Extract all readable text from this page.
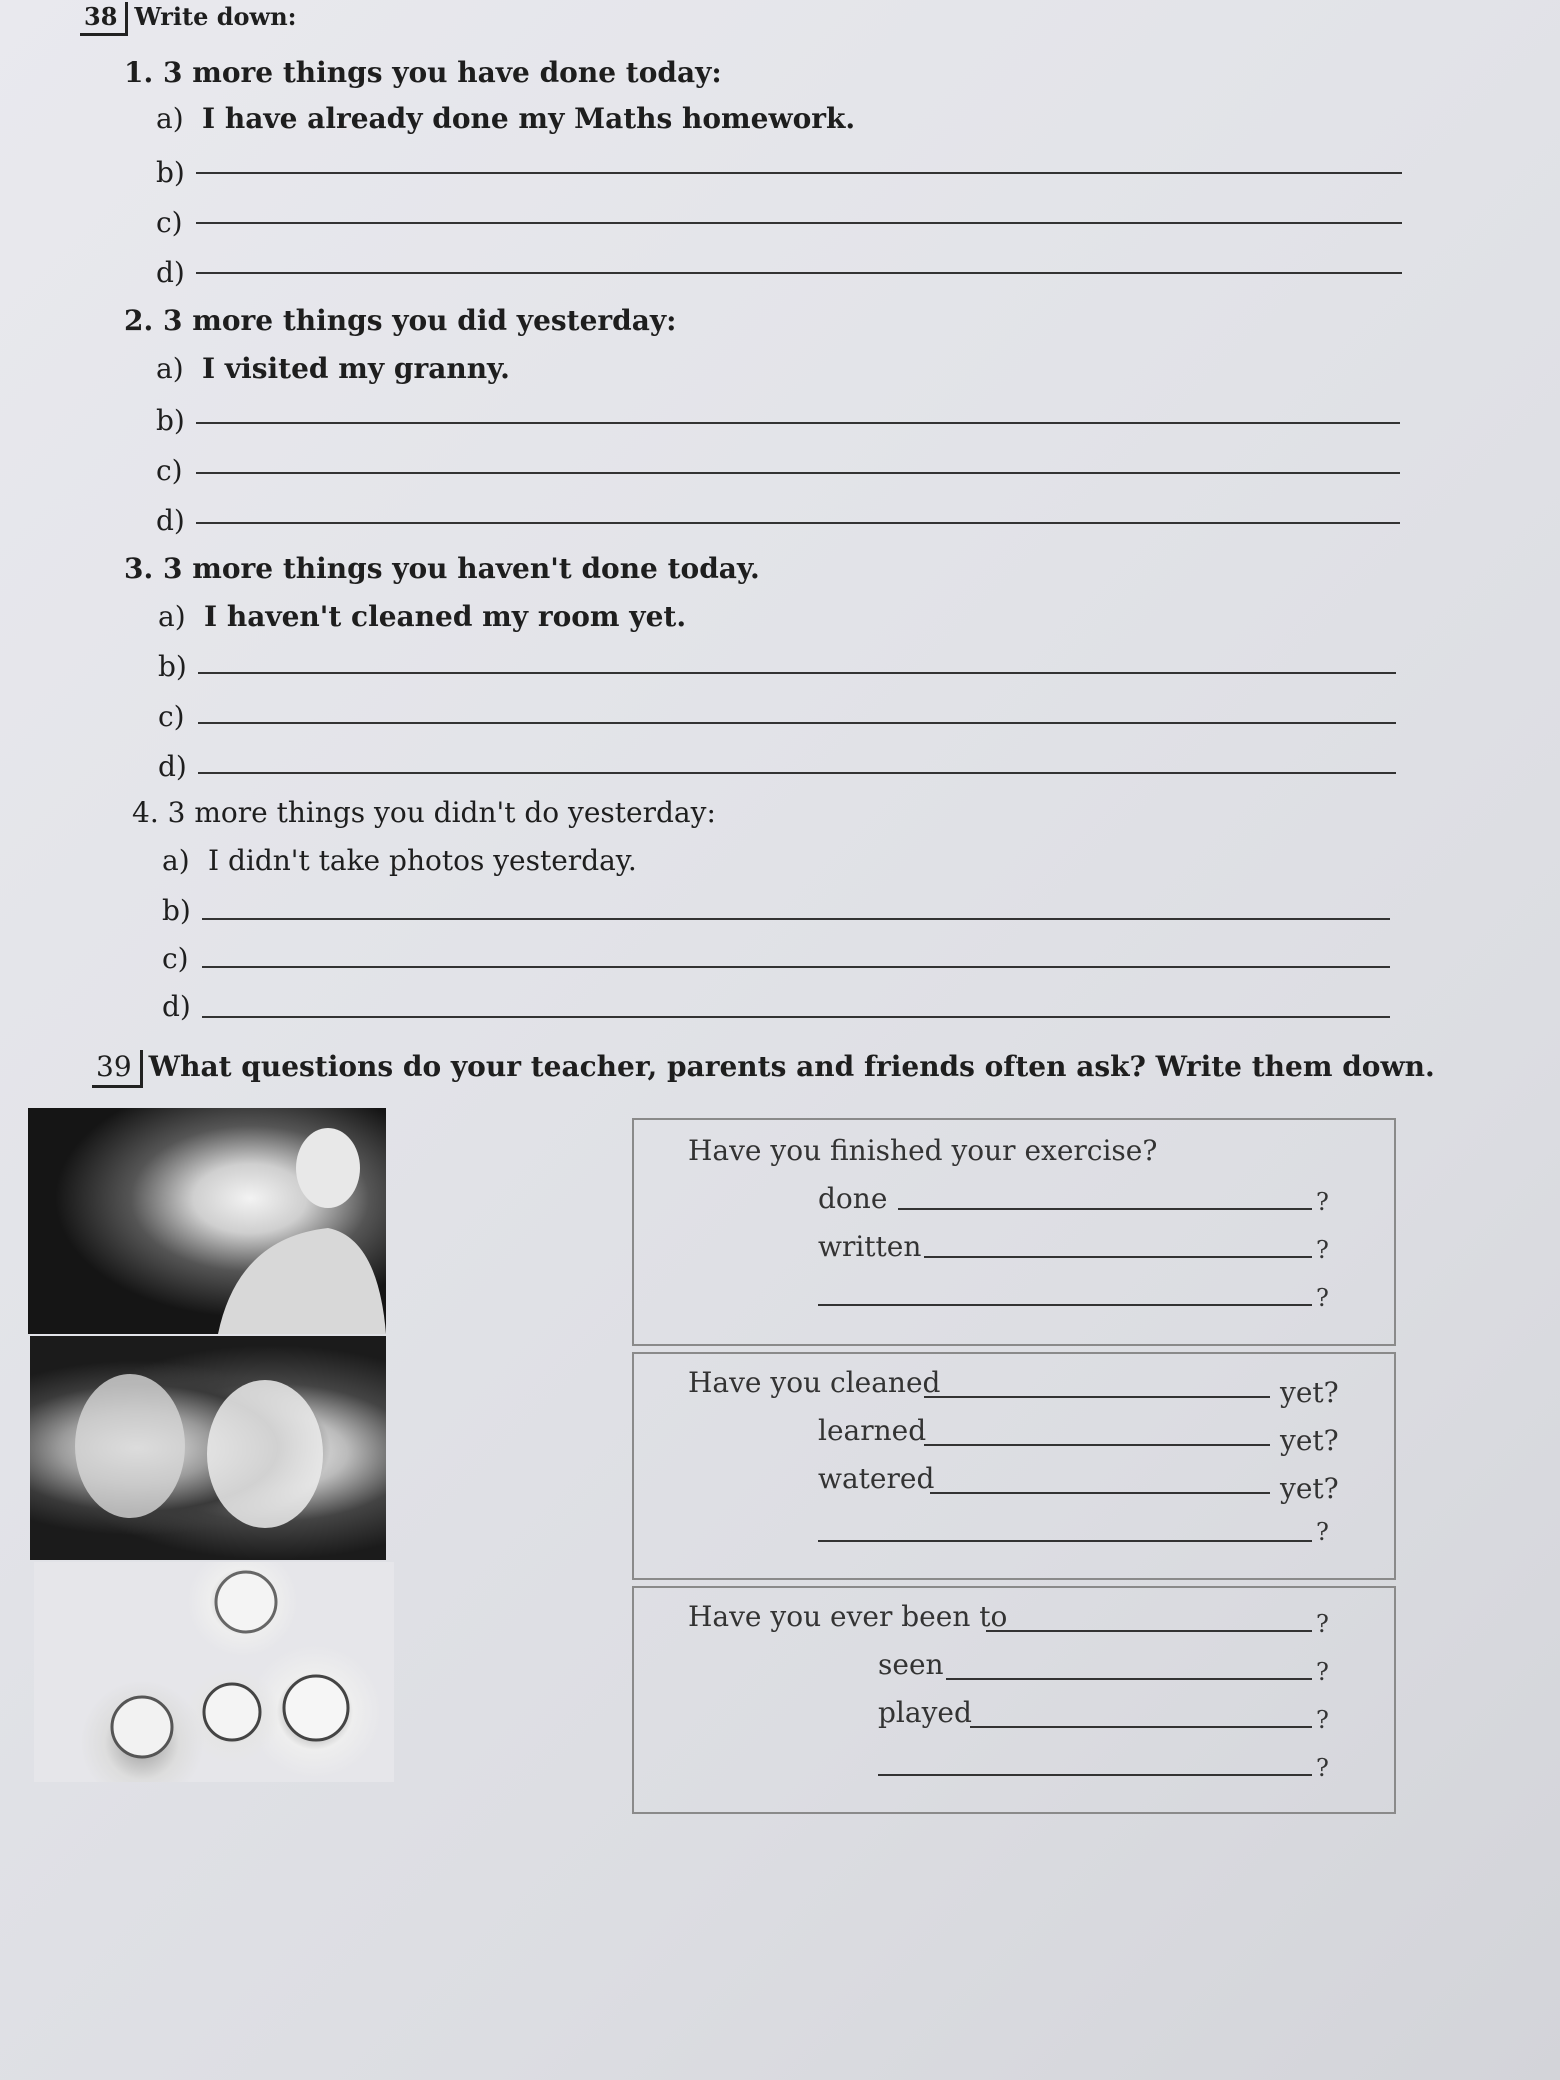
38 Write down:
1. 3 more things you have done today:
a) I have already done my Maths homework.
b)
c)
d)
2. 3 more things you did yesterday:
a) I visited my granny.
b)
c)
d)
3. 3 more things you haven't done today.
a) I haven't cleaned my room yet.
b)
c)
d)
4. 3 more things you didn't do yesterday:
a) I didn't take photos yesterday.
b)
c)
d)
39 What questions do your teacher, parents and friends often ask? Write them down.
Have you finished your exercise?
done	?
written	?
?
Have you cleaned	yet?
learned	yet?
watered	yet?
?
Have you ever been to	?
seen	?
played	?
?
